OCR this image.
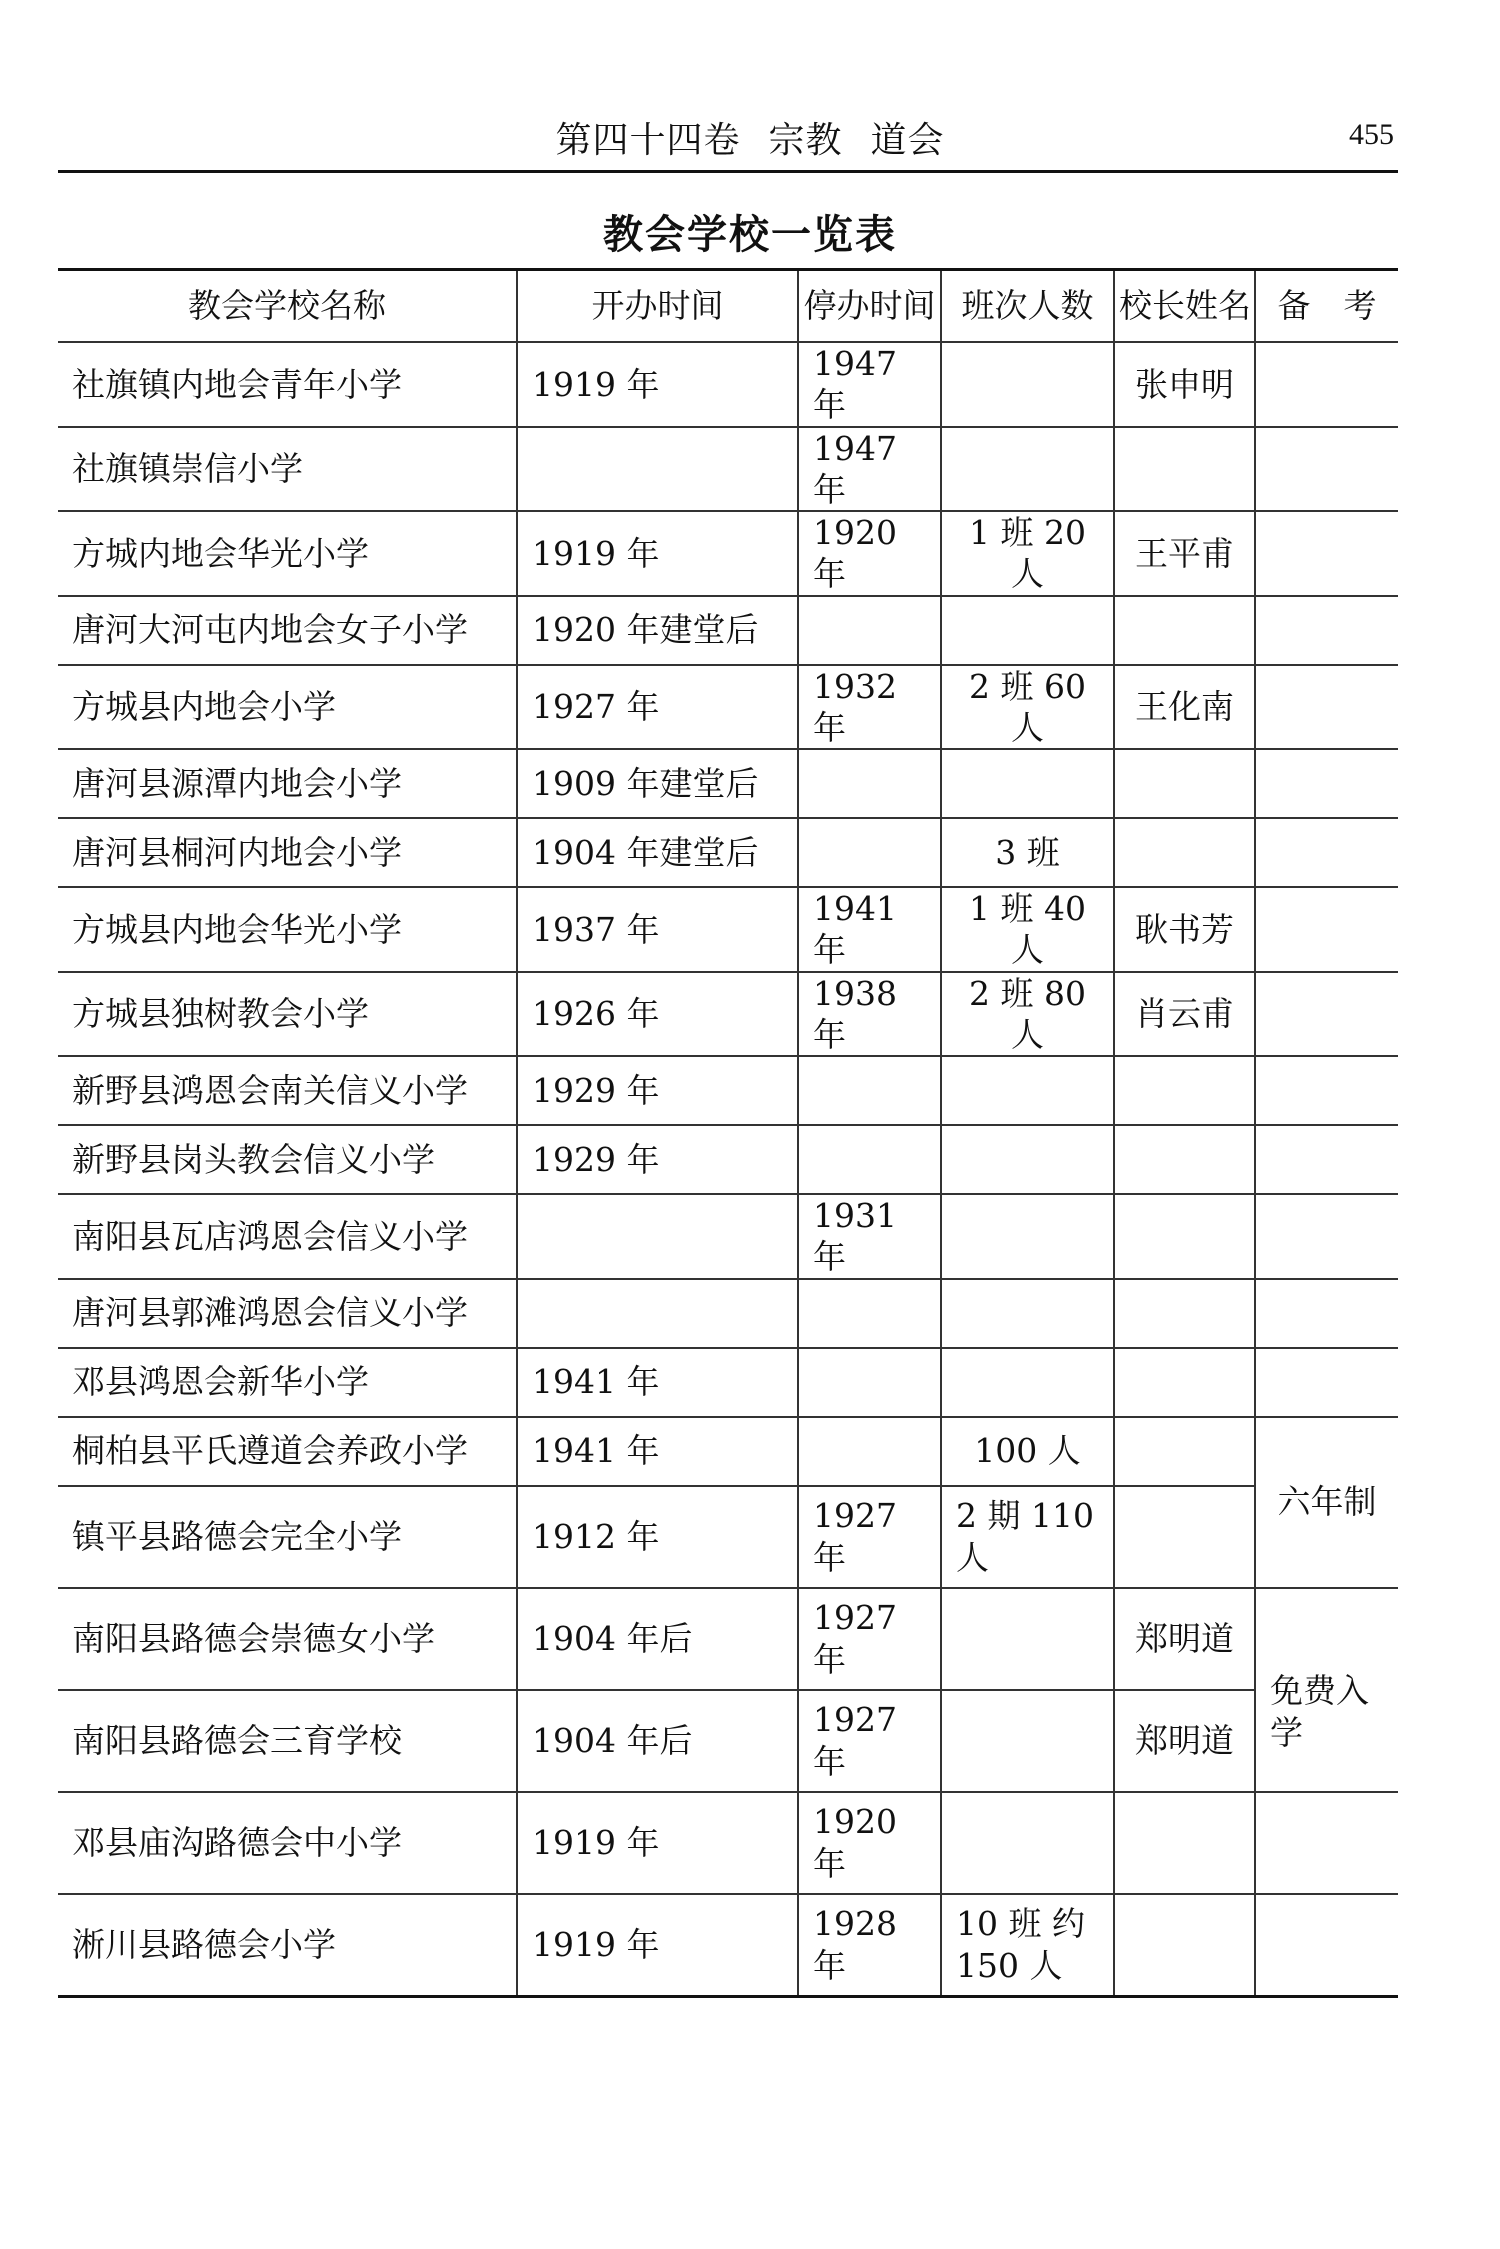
第四十四卷 宗教 道会	455
教会学校一览表
教会学校名称	开办时间	停办时间	班次人数	校长姓名	备　考
社旗镇内地会青年小学	1919 年	1947 年		张申明	
社旗镇崇信小学		1947 年			
方城内地会华光小学	1919 年	1920 年	1 班 20 人	王平甫	
唐河大河屯内地会女子小学	1920 年建堂后				
方城县内地会小学	1927 年	1932 年	2 班 60 人	王化南	
唐河县源潭内地会小学	1909 年建堂后				
唐河县桐河内地会小学	1904 年建堂后		3 班		
方城县内地会华光小学	1937 年	1941 年	1 班 40 人	耿书芳	
方城县独树教会小学	1926 年	1938 年	2 班 80 人	肖云甫	
新野县鸿恩会南关信义小学	1929 年				
新野县岗头教会信义小学	1929 年				
南阳县瓦店鸿恩会信义小学		1931 年			
唐河县郭滩鸿恩会信义小学					
邓县鸿恩会新华小学	1941 年				
桐柏县平氏遵道会养政小学	1941 年		100 人		六年制
镇平县路德会完全小学	1912 年	1927 年	2 期 110 人		
南阳县路德会崇德女小学	1904 年后	1927 年		郑明道	免费入学
南阳县路德会三育学校	1904 年后	1927 年		郑明道	
邓县庙沟路德会中小学	1919 年	1920 年			
淅川县路德会小学	1919 年	1928 年	10 班 约 150 人		
